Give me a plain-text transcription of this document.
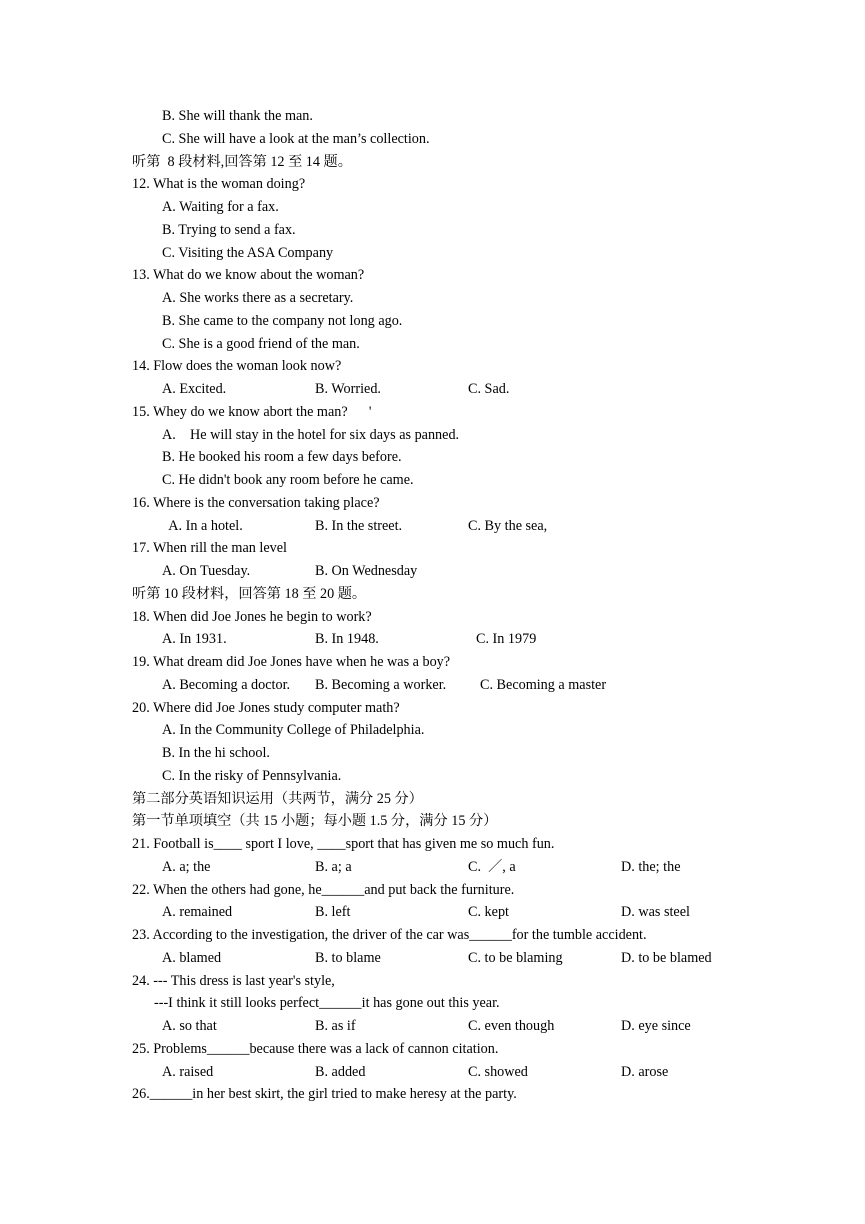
B. She will thank the man.
C. She will have a look at the man’s collection.
听第  8 段材料,回答第 12 至 14 题。
12. What is the woman doing?
A. Waiting for a fax.
B. Trying to send a fax.
C. Visiting the ASA Company
13. What do we know about the woman?
A. She works there as a secretary.
B. She came to the company not long ago.
C. She is a good friend of the man.
14. Flow does the woman look now?
A. Excited.	B. Worried.	C. Sad.
15. Whey do we know abort the man?      '
A.    He will stay in the hotel for six days as panned.
B. He booked his room a few days before.
C. He didn't book any room before he came.
16. Where is the conversation taking place?
A. In a hotel.	B. In the street.	C. By the sea,
17. When rill the man level
A. On Tuesday.	B. On Wednesday
听第 10 段材料，回答第 18 至 20 题。
18. When did Joe Jones he begin to work?
A. In 1931.	B. In 1948.	C. In 1979
19. What dream did Joe Jones have when he was a boy?
A. Becoming a doctor. B. Becoming a worker. C. Becoming a master
20. Where did Joe Jones study computer math?
A. In the Community College of Philadelphia.
B. In the hi school.
C. In the risky of Pennsylvania.
第二部分英语知识运用（共两节，满分 25 分）
第一节单项填空（共 15 小题；每小题 1.5 分，满分 15 分）
21. Football is____ sport I love, ____sport that has given me so much fun.
A. a; the	B. a; a	C.  ／, a	D. the; the
22. When the others had gone, he______and put back the furniture.
A. remained	B. left	C. kept	D. was steel
23. According to the investigation, the driver of the car was______for the tumble accident.
A. blamed	B. to blame	C. to be blaming	D. to be blamed
24. --- This dress is last year's style,
---I think it still looks perfect______it has gone out this year.
A. so that	B. as if	C. even though	D. eye since
25. Problems______because there was a lack of cannon citation.
A. raised	B. added	C. showed	D. arose
26.______in her best skirt, the girl tried to make heresy at the party.
